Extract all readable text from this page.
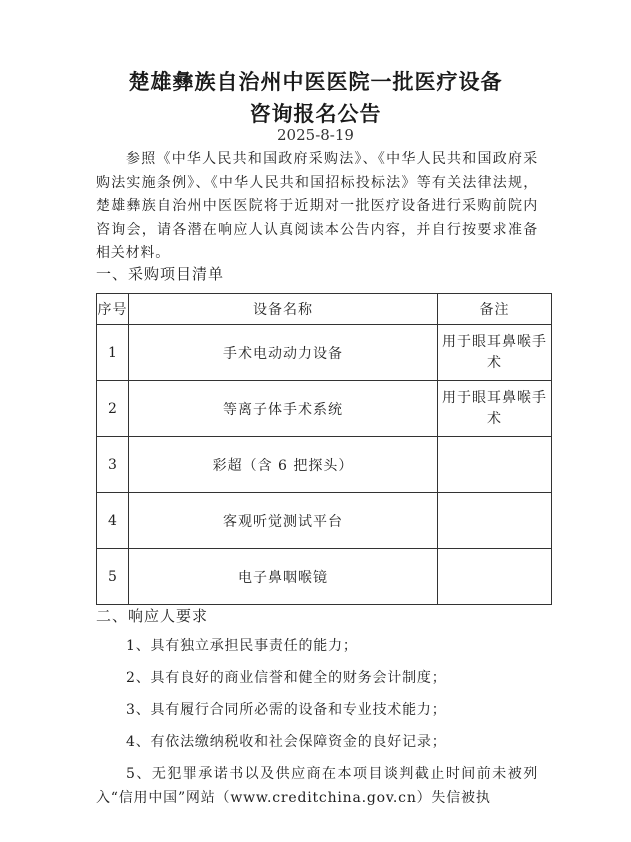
楚雄彝族自治州中医医院一批医疗设备
咨询报名公告
2025-8-19
参照《中华人民共和国政府采购法》、《中华人民共和国政府采购法实施条例》、《中华人民共和国招标投标法》等有关法律法规，楚雄彝族自治州中医医院将于近期对一批医疗设备进行采购前院内咨询会，请各潜在响应人认真阅读本公告内容，并自行按要求准备相关材料。
一、采购项目清单
序号	设备名称	备注
1	手术电动动力设备	用于眼耳鼻喉手术
2	等离子体手术系统	用于眼耳鼻喉手术
3	彩超（含 6 把探头）	
4	客观听觉测试平台	
5	电子鼻咽喉镜	
二、响应人要求
1、具有独立承担民事责任的能力；
2、具有良好的商业信誉和健全的财务会计制度；
3、具有履行合同所必需的设备和专业技术能力；
4、有依法缴纳税收和社会保障资金的良好记录；
5、无犯罪承诺书以及供应商在本项目谈判截止时间前未被列入“信用中国”网站（www.creditchina.gov.cn）失信被执
